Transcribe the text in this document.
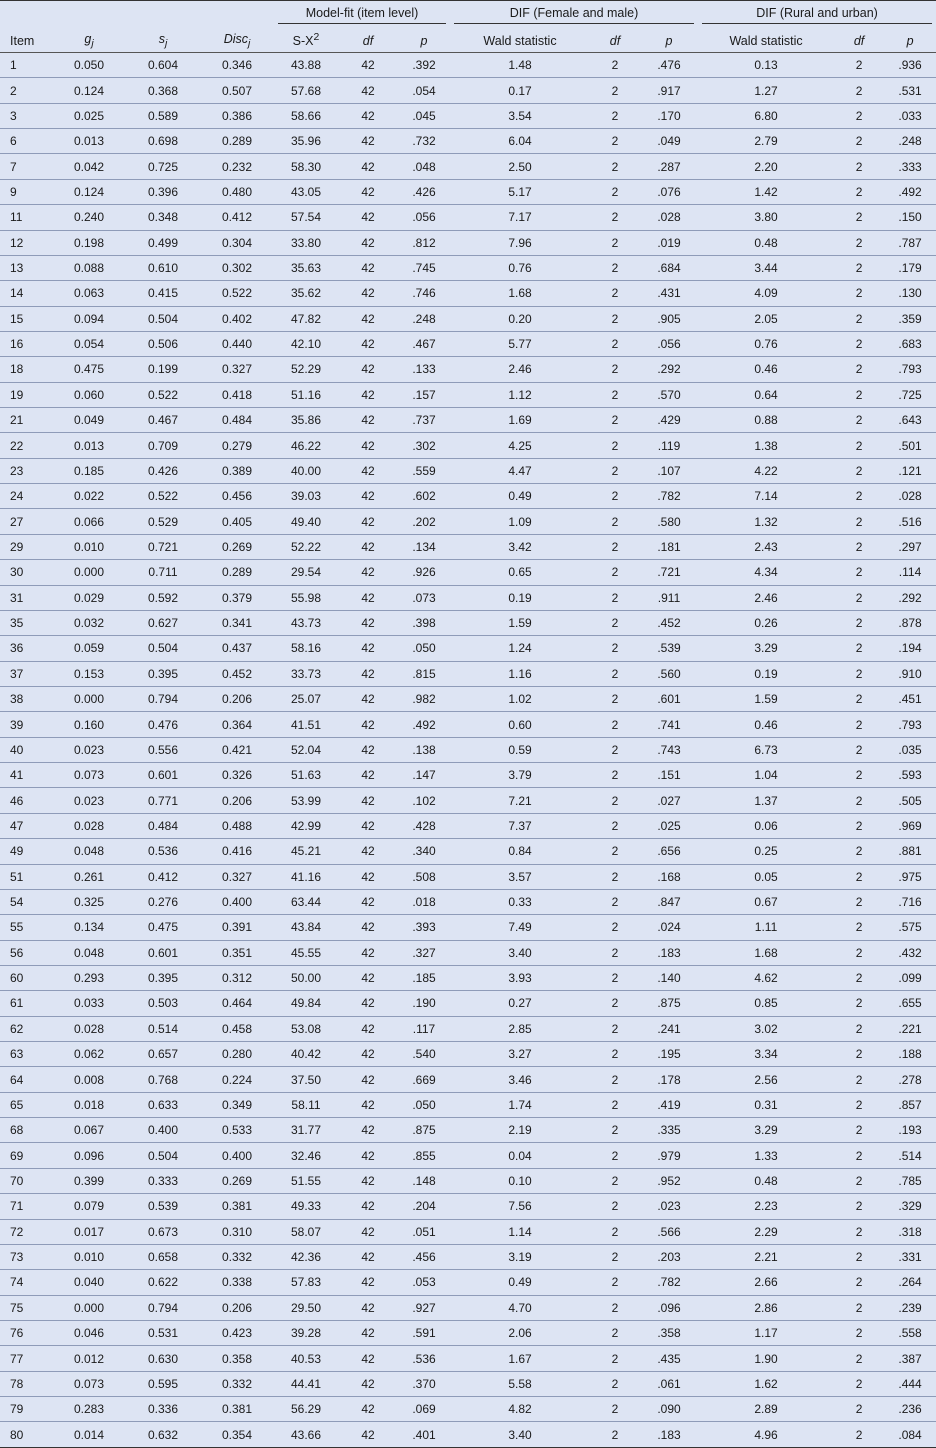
				Model-fit (item level)			DIF (Female and male)			DIF (Rural and urban)		

Item	$g_j$	$s_j$	Disc$_j$	$S-X^2$	df	p	Wald statistic	df	p	Wald statistic	df	p
1	0.050	0.604	0.346	43.88	42	.392	1.48	2	.476	0.13	2	.936
2	0.124	0.368	0.507	57.68	42	.054	0.17	2	.917	1.27	2	.531
3	0.025	0.589	0.386	58.66	42	.045	3.54	2	.170	6.80	2	.033
6	0.013	0.698	0.289	35.96	42	.732	6.04	2	.049	2.79	2	.248
7	0.042	0.725	0.232	58.30	42	.048	2.50	2	.287	2.20	2	.333
9	0.124	0.396	0.480	43.05	42	.426	5.17	2	.076	1.42	2	.492
11	0.240	0.348	0.412	57.54	42	.056	7.17	2	.028	3.80	2	.150
12	0.198	0.499	0.304	33.80	42	.812	7.96	2	.019	0.48	2	.787
13	0.088	0.610	0.302	35.63	42	.745	0.76	2	.684	3.44	2	.179
14	0.063	0.415	0.522	35.62	42	.746	1.68	2	.431	4.09	2	.130
15	0.094	0.504	0.402	47.82	42	.248	0.20	2	.905	2.05	2	.359
16	0.054	0.506	0.440	42.10	42	.467	5.77	2	.056	0.76	2	.683
18	0.475	0.199	0.327	52.29	42	.133	2.46	2	.292	0.46	2	.793
19	0.060	0.522	0.418	51.16	42	.157	1.12	2	.570	0.64	2	.725
21	0.049	0.467	0.484	35.86	42	.737	1.69	2	.429	0.88	2	.643
22	0.013	0.709	0.279	46.22	42	.302	4.25	2	.119	1.38	2	.501
23	0.185	0.426	0.389	40.00	42	.559	4.47	2	.107	4.22	2	.121
24	0.022	0.522	0.456	39.03	42	.602	0.49	2	.782	7.14	2	.028
27	0.066	0.529	0.405	49.40	42	.202	1.09	2	.580	1.32	2	.516
29	0.010	0.721	0.269	52.22	42	.134	3.42	2	.181	2.43	2	.297
30	0.000	0.711	0.289	29.54	42	.926	0.65	2	.721	4.34	2	.114
31	0.029	0.592	0.379	55.98	42	.073	0.19	2	.911	2.46	2	.292
35	0.032	0.627	0.341	43.73	42	.398	1.59	2	.452	0.26	2	.878
36	0.059	0.504	0.437	58.16	42	.050	1.24	2	.539	3.29	2	.194
37	0.153	0.395	0.452	33.73	42	.815	1.16	2	.560	0.19	2	.910
38	0.000	0.794	0.206	25.07	42	.982	1.02	2	.601	1.59	2	.451
39	0.160	0.476	0.364	41.51	42	.492	0.60	2	.741	0.46	2	.793
40	0.023	0.556	0.421	52.04	42	.138	0.59	2	.743	6.73	2	.035
41	0.073	0.601	0.326	51.63	42	.147	3.79	2	.151	1.04	2	.593
46	0.023	0.771	0.206	53.99	42	.102	7.21	2	.027	1.37	2	.505
47	0.028	0.484	0.488	42.99	42	.428	7.37	2	.025	0.06	2	.969
49	0.048	0.536	0.416	45.21	42	.340	0.84	2	.656	0.25	2	.881
51	0.261	0.412	0.327	41.16	42	.508	3.57	2	.168	0.05	2	.975
54	0.325	0.276	0.400	63.44	42	.018	0.33	2	.847	0.67	2	.716
55	0.134	0.475	0.391	43.84	42	.393	7.49	2	.024	1.11	2	.575
56	0.048	0.601	0.351	45.55	42	.327	3.40	2	.183	1.68	2	.432
60	0.293	0.395	0.312	50.00	42	.185	3.93	2	.140	4.62	2	.099
61	0.033	0.503	0.464	49.84	42	.190	0.27	2	.875	0.85	2	.655
62	0.028	0.514	0.458	53.08	42	.117	2.85	2	.241	3.02	2	.221
63	0.062	0.657	0.280	40.42	42	.540	3.27	2	.195	3.34	2	.188
64	0.008	0.768	0.224	37.50	42	.669	3.46	2	.178	2.56	2	.278
65	0.018	0.633	0.349	58.11	42	.050	1.74	2	.419	0.31	2	.857
68	0.067	0.400	0.533	31.77	42	.875	2.19	2	.335	3.29	2	.193
69	0.096	0.504	0.400	32.46	42	.855	0.04	2	.979	1.33	2	.514
70	0.399	0.333	0.269	51.55	42	.148	0.10	2	.952	0.48	2	.785
71	0.079	0.539	0.381	49.33	42	.204	7.56	2	.023	2.23	2	.329
72	0.017	0.673	0.310	58.07	42	.051	1.14	2	.566	2.29	2	.318
73	0.010	0.658	0.332	42.36	42	.456	3.19	2	.203	2.21	2	.331
74	0.040	0.622	0.338	57.83	42	.053	0.49	2	.782	2.66	2	.264
75	0.000	0.794	0.206	29.50	42	.927	4.70	2	.096	2.86	2	.239
76	0.046	0.531	0.423	39.28	42	.591	2.06	2	.358	1.17	2	.558
77	0.012	0.630	0.358	40.53	42	.536	1.67	2	.435	1.90	2	.387
78	0.073	0.595	0.332	44.41	42	.370	5.58	2	.061	1.62	2	.444
79	0.283	0.336	0.381	56.29	42	.069	4.82	2	.090	2.89	2	.236
80	0.014	0.632	0.354	43.66	42	.401	3.40	2	.183	4.96	2	.084
